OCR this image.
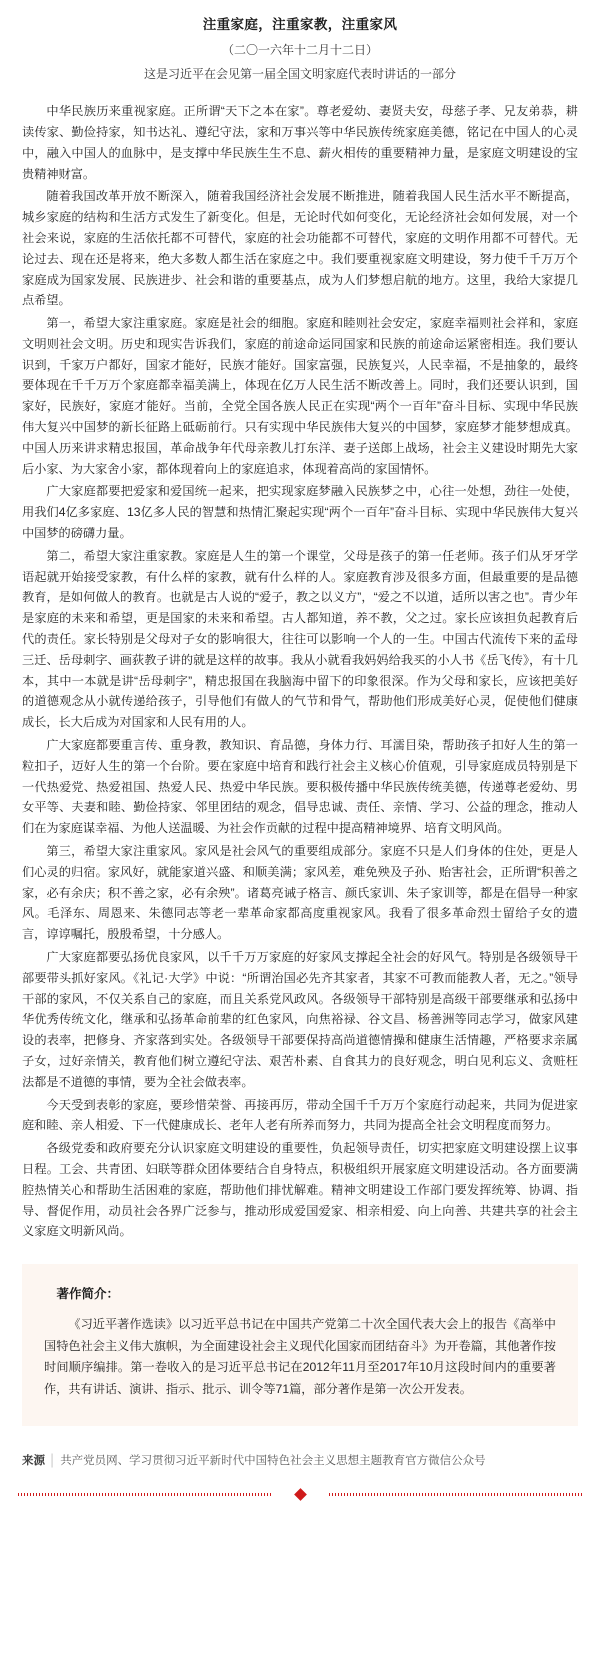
注重家庭，注重家教，注重家风
（二〇一六年十二月十二日）
这是习近平在会见第一届全国文明家庭代表时讲话的一部分

中华民族历来重视家庭。正所谓“天下之本在家”。尊老爱幼、妻贤夫安，母慈子孝、兄友弟恭，耕读传家、勤俭持家，知书达礼、遵纪守法，家和万事兴等中华民族传统家庭美德，铭记在中国人的心灵中，融入中国人的血脉中，是支撑中华民族生生不息、薪火相传的重要精神力量，是家庭文明建设的宝贵精神财富。

随着我国改革开放不断深入，随着我国经济社会发展不断推进，随着我国人民生活水平不断提高，城乡家庭的结构和生活方式发生了新变化。但是，无论时代如何变化，无论经济社会如何发展，对一个社会来说，家庭的生活依托都不可替代，家庭的社会功能都不可替代，家庭的文明作用都不可替代。无论过去、现在还是将来，绝大多数人都生活在家庭之中。我们要重视家庭文明建设，努力使千千万万个家庭成为国家发展、民族进步、社会和谐的重要基点，成为人们梦想启航的地方。这里，我给大家提几点希望。

第一，希望大家注重家庭。家庭是社会的细胞。家庭和睦则社会安定，家庭幸福则社会祥和，家庭文明则社会文明。历史和现实告诉我们，家庭的前途命运同国家和民族的前途命运紧密相连。我们要认识到，千家万户都好，国家才能好，民族才能好。国家富强，民族复兴，人民幸福，不是抽象的，最终要体现在千千万万个家庭都幸福美满上，体现在亿万人民生活不断改善上。同时，我们还要认识到，国家好，民族好，家庭才能好。当前，全党全国各族人民正在实现“两个一百年”奋斗目标、实现中华民族伟大复兴中国梦的新长征路上砥砺前行。只有实现中华民族伟大复兴的中国梦，家庭梦才能梦想成真。中国人历来讲求精忠报国，革命战争年代母亲教儿打东洋、妻子送郎上战场，社会主义建设时期先大家后小家、为大家舍小家，都体现着向上的家庭追求，体现着高尚的家国情怀。

广大家庭都要把爱家和爱国统一起来，把实现家庭梦融入民族梦之中，心往一处想，劲往一处使，用我们4亿多家庭、13亿多人民的智慧和热情汇聚起实现“两个一百年”奋斗目标、实现中华民族伟大复兴中国梦的磅礴力量。

第二，希望大家注重家教。家庭是人生的第一个课堂，父母是孩子的第一任老师。孩子们从牙牙学语起就开始接受家教，有什么样的家教，就有什么样的人。家庭教育涉及很多方面，但最重要的是品德教育，是如何做人的教育。也就是古人说的“爱子，教之以义方”，“爱之不以道，适所以害之也”。青少年是家庭的未来和希望，更是国家的未来和希望。古人都知道，养不教，父之过。家长应该担负起教育后代的责任。家长特别是父母对子女的影响很大，往往可以影响一个人的一生。中国古代流传下来的孟母三迁、岳母刺字、画荻教子讲的就是这样的故事。我从小就看我妈妈给我买的小人书《岳飞传》，有十几本，其中一本就是讲“岳母刺字”，精忠报国在我脑海中留下的印象很深。作为父母和家长，应该把美好的道德观念从小就传递给孩子，引导他们有做人的气节和骨气，帮助他们形成美好心灵，促使他们健康成长，长大后成为对国家和人民有用的人。

广大家庭都要重言传、重身教，教知识、育品德，身体力行、耳濡目染，帮助孩子扣好人生的第一粒扣子，迈好人生的第一个台阶。要在家庭中培育和践行社会主义核心价值观，引导家庭成员特别是下一代热爱党、热爱祖国、热爱人民、热爱中华民族。要积极传播中华民族传统美德，传递尊老爱幼、男女平等、夫妻和睦、勤俭持家、邻里团结的观念，倡导忠诚、责任、亲情、学习、公益的理念，推动人们在为家庭谋幸福、为他人送温暖、为社会作贡献的过程中提高精神境界、培育文明风尚。

第三，希望大家注重家风。家风是社会风气的重要组成部分。家庭不只是人们身体的住处，更是人们心灵的归宿。家风好，就能家道兴盛、和顺美满；家风差，难免殃及子孙、贻害社会，正所谓“积善之家，必有余庆；积不善之家，必有余殃”。诸葛亮诫子格言、颜氏家训、朱子家训等，都是在倡导一种家风。毛泽东、周恩来、朱德同志等老一辈革命家都高度重视家风。我看了很多革命烈士留给子女的遗言，谆谆嘱托，殷殷希望，十分感人。

广大家庭都要弘扬优良家风，以千千万万家庭的好家风支撑起全社会的好风气。特别是各级领导干部要带头抓好家风。《礼记·大学》中说：“所谓治国必先齐其家者，其家不可教而能教人者，无之。”领导干部的家风，不仅关系自己的家庭，而且关系党风政风。各级领导干部特别是高级干部要继承和弘扬中华优秀传统文化，继承和弘扬革命前辈的红色家风，向焦裕禄、谷文昌、杨善洲等同志学习，做家风建设的表率，把修身、齐家落到实处。各级领导干部要保持高尚道德情操和健康生活情趣，严格要求亲属子女，过好亲情关，教育他们树立遵纪守法、艰苦朴素、自食其力的良好观念，明白见利忘义、贪赃枉法都是不道德的事情，要为全社会做表率。

今天受到表彰的家庭，要珍惜荣誉、再接再厉，带动全国千千万万个家庭行动起来，共同为促进家庭和睦、亲人相爱、下一代健康成长、老年人老有所养而努力，共同为提高全社会文明程度而努力。

各级党委和政府要充分认识家庭文明建设的重要性，负起领导责任，切实把家庭文明建设摆上议事日程。工会、共青团、妇联等群众团体要结合自身特点，积极组织开展家庭文明建设活动。各方面要满腔热情关心和帮助生活困难的家庭，帮助他们排忧解难。精神文明建设工作部门要发挥统筹、协调、指导、督促作用，动员社会各界广泛参与，推动形成爱国爱家、相亲相爱、向上向善、共建共享的社会主义家庭文明新风尚。

著作简介：

《习近平著作选读》以习近平总书记在中国共产党第二十次全国代表大会上的报告《高举中国特色社会主义伟大旗帜，为全面建设社会主义现代化国家而团结奋斗》为开卷篇，其他著作按时间顺序编排。第一卷收入的是习近平总书记在2012年11月至2017年10月这段时间内的重要著作，共有讲话、演讲、指示、批示、训令等71篇，部分著作是第一次公开发表。

来源 │ 共产党员网、学习贯彻习近平新时代中国特色社会主义思想主题教育官方微信公众号
